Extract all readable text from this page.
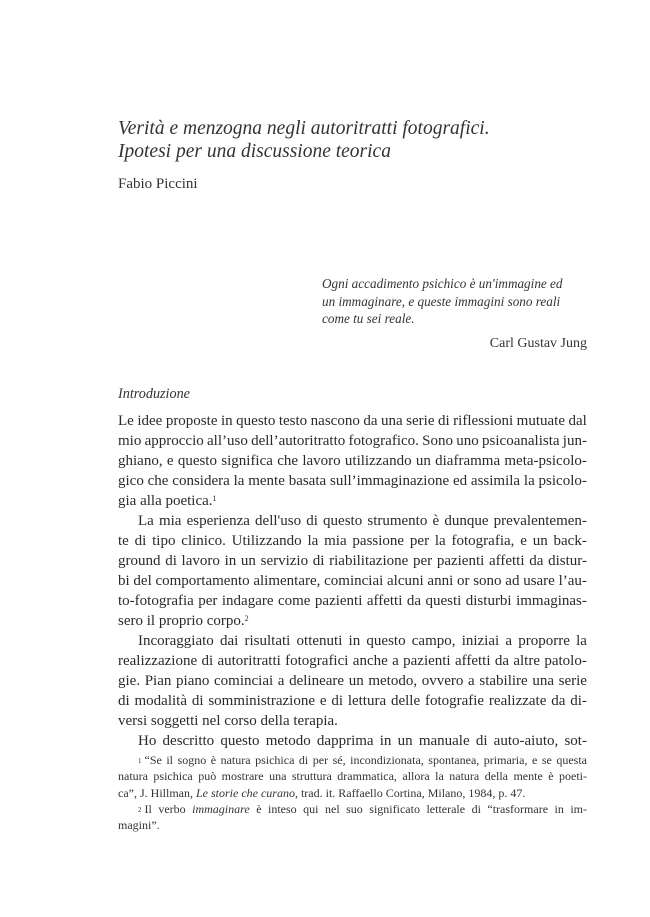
Verità e menzogna negli autoritratti fotografici.
Ipotesi per una discussione teorica
Fabio Piccini
Ogni accadimento psichico è un'immagine ed
un immaginare, e queste immagini sono reali
come tu sei reale.
Carl Gustav Jung
Introduzione
Le idee proposte in questo testo nascono da una serie di riflessioni mutuate dal
mio approccio all’uso dell’autoritratto fotografico. Sono uno psicoanalista jun-
ghiano, e questo significa che lavoro utilizzando un diaframma meta-psicolo-
gico che considera la mente basata sull’immaginazione ed assimila la psicolo-
gia alla poetica.$^1$
La mia esperienza dell'uso di questo strumento è dunque prevalentemen-
te di tipo clinico. Utilizzando la mia passione per la fotografia, e un back-
ground di lavoro in un servizio di riabilitazione per pazienti affetti da distur-
bi del comportamento alimentare, cominciai alcuni anni or sono ad usare l’au-
to-fotografia per indagare come pazienti affetti da questi disturbi immaginas-
sero il proprio corpo.$^2$
Incoraggiato dai risultati ottenuti in questo campo, iniziai a proporre la
realizzazione di autoritratti fotografici anche a pazienti affetti da altre patolo-
gie. Pian piano cominciai a delineare un metodo, ovvero a stabilire una serie
di modalità di somministrazione e di lettura delle fotografie realizzate da di-
versi soggetti nel corso della terapia.
Ho descritto questo metodo dapprima in un manuale di auto-aiuto, sot-
1 “Se il sogno è natura psichica di per sé, incondizionata, spontanea, primaria, e se questa
natura psichica può mostrare una struttura drammatica, allora la natura della mente è poeti-
ca”, J. Hillman, Le storie che curano, trad. it. Raffaello Cortina, Milano, 1984, p. 47.
2 Il verbo immaginare è inteso qui nel suo significato letterale di “trasformare in im-
magini”.
